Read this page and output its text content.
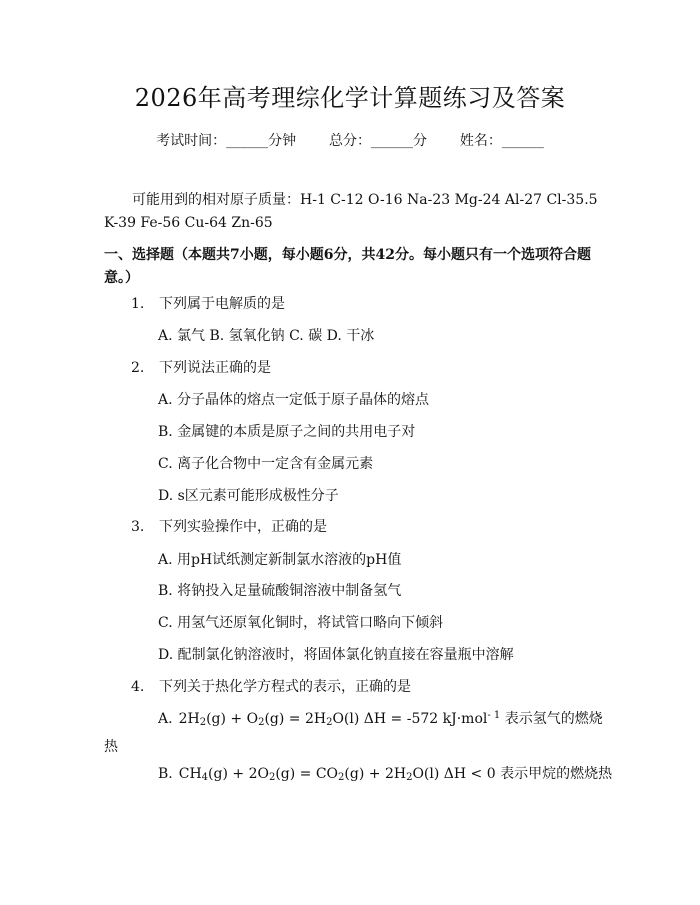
2026年高考理综化学计算题练习及答案
考试时间：______分钟 总分：______分 姓名：______
可能用到的相对原子质量：H-1 C-12 O-16 Na-23 Mg-24 Al-27 Cl-35.5 K-39 Fe-56 Cu-64 Zn-65
一、选择题（本题共7小题，每小题6分，共42分。每小题只有一个选项符合题意。）
1. 下列属于电解质的是
A. 氯气 B. 氢氧化钠 C. 碳 D. 干冰
2. 下列说法正确的是
A. 分子晶体的熔点一定低于原子晶体的熔点
B. 金属键的本质是原子之间的共用电子对
C. 离子化合物中一定含有金属元素
D. s区元素可能形成极性分子
3. 下列实验操作中，正确的是
A. 用pH试纸测定新制氯水溶液的pH值
B. 将钠投入足量硫酸铜溶液中制备氢气
C. 用氢气还原氧化铜时，将试管口略向下倾斜
D. 配制氯化钠溶液时，将固体氯化钠直接在容量瓶中溶解
4. 下列关于热化学方程式的表示，正确的是
A. $2H_2(g) + O_2(g) = 2H_2O(l) \Delta H = -572$ kJ·mol$^{- 1}$ 表示氢气的燃烧热
B. $CH_4(g) + 2O_2(g) = CO_2(g) + 2H_2O(l) \Delta H < 0$ 表示甲烷的燃烧热
